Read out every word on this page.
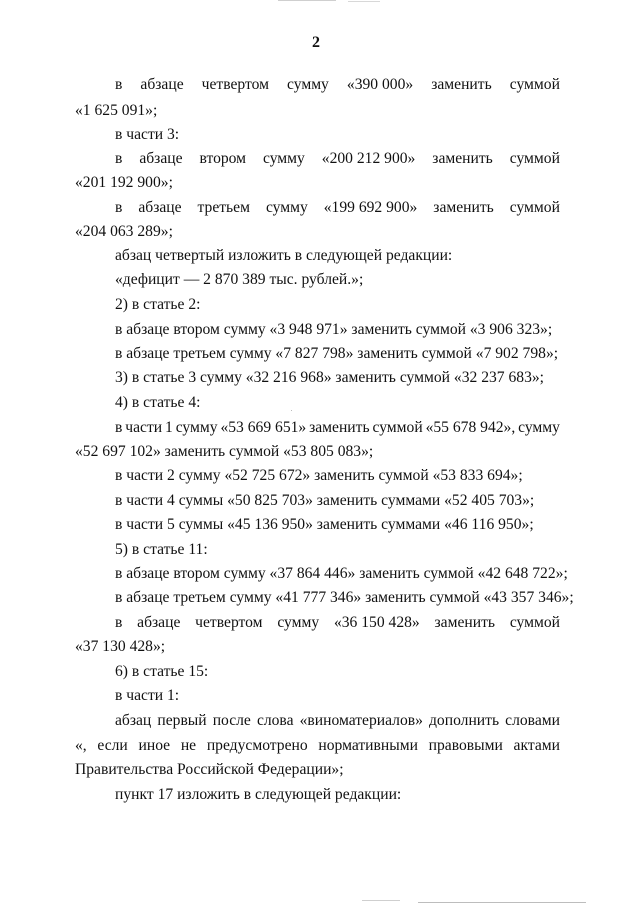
2
в абзаце четвертом сумму «390 000» заменить суммой
«1 625 091»;
в части 3:
в абзаце втором сумму «200 212 900» заменить суммой
«201 192 900»;
в абзаце третьем сумму «199 692 900» заменить суммой
«204 063 289»;
абзац четвертый изложить в следующей редакции:
«дефицит — 2 870 389 тыс. рублей.»;
2) в статье 2:
в абзаце втором сумму «3 948 971» заменить суммой «3 906 323»;
в абзаце третьем сумму «7 827 798» заменить суммой «7 902 798»;
3) в статье 3 сумму «32 216 968» заменить суммой «32 237 683»;
4) в статье 4:
в части 1 сумму «53 669 651» заменить суммой «55 678 942», сумму
«52 697 102» заменить суммой «53 805 083»;
в части 2 сумму «52 725 672» заменить суммой «53 833 694»;
в части 4 суммы «50 825 703» заменить суммами «52 405 703»;
в части 5 суммы «45 136 950» заменить суммами «46 116 950»;
5) в статье 11:
в абзаце втором сумму «37 864 446» заменить суммой «42 648 722»;
в абзаце третьем сумму «41 777 346» заменить суммой «43 357 346»;
в абзаце четвертом сумму «36 150 428» заменить суммой
«37 130 428»;
6) в статье 15:
в части 1:
абзац первый после слова «виноматериалов» дополнить словами
«, если иное не предусмотрено нормативными правовыми актами
Правительства Российской Федерации»;
пункт 17 изложить в следующей редакции:
